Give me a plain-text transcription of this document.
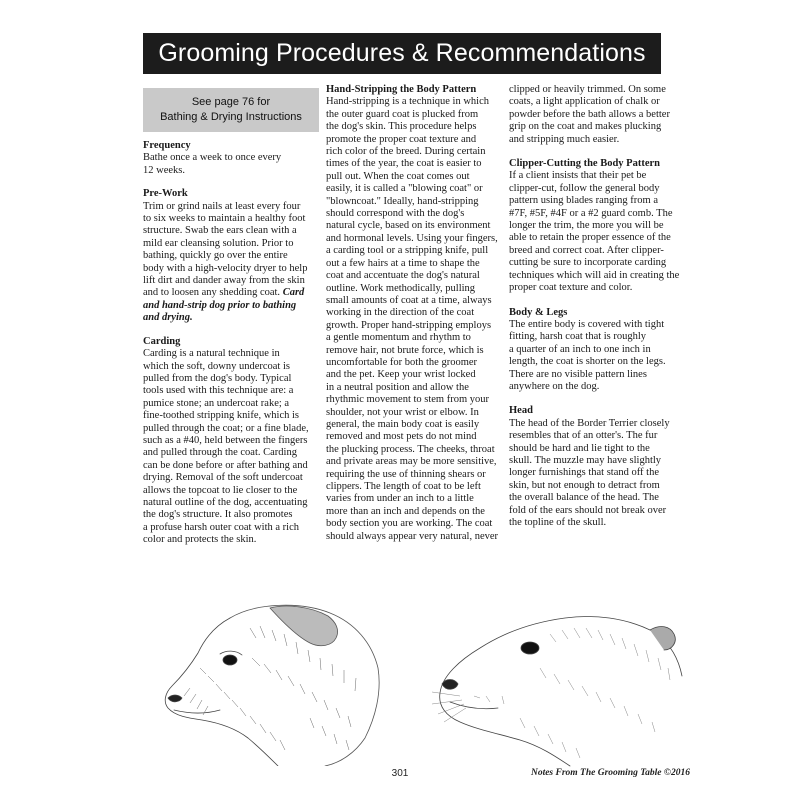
Grooming Procedures & Recommendations
See page 76 for
Bathing & Drying Instructions
Frequency

Bathe once a week to once every
12 weeks.

Pre-Work

Trim or grind nails at least every four
to six weeks to maintain a healthy foot
structure. Swab the ears clean with a
mild ear cleansing solution. Prior to
bathing, quickly go over the entire
body with a high-velocity dryer to help
lift dirt and dander away from the skin
and to loosen any shedding coat. Card
and hand-strip dog prior to bathing
and drying.

Carding

Carding is a natural technique in
which the soft, downy undercoat is
pulled from the dog's body. Typical
tools used with this technique are: a
pumice stone; an undercoat rake; a
fine-toothed stripping knife, which is
pulled through the coat; or a fine blade,
such as a #40, held between the fingers
and pulled through the coat. Carding
can be done before or after bathing and
drying. Removal of the soft undercoat
allows the topcoat to lie closer to the
natural outline of the dog, accentuating
the dog's structure. It also promotes
a profuse harsh outer coat with a rich
color and protects the skin.

Hand-Stripping the Body Pattern

Hand-stripping is a technique in which
the outer guard coat is plucked from
the dog's skin. This procedure helps
promote the proper coat texture and
rich color of the breed. During certain
times of the year, the coat is easier to
pull out. When the coat comes out
easily, it is called a "blowing coat" or
"blowncoat." Ideally, hand-stripping
should correspond with the dog's
natural cycle, based on its environment
and hormonal levels. Using your fingers,
a carding tool or a stripping knife, pull
out a few hairs at a time to shape the
coat and accentuate the dog's natural
outline. Work methodically, pulling
small amounts of coat at a time, always
working in the direction of the coat
growth. Proper hand-stripping employs
a gentle momentum and rhythm to
remove hair, not brute force, which is
uncomfortable for both the groomer
and the pet. Keep your wrist locked
in a neutral position and allow the
rhythmic movement to stem from your
shoulder, not your wrist or elbow. In
general, the main body coat is easily
removed and most pets do not mind
the plucking process. The cheeks, throat
and private areas may be more sensitive,
requiring the use of thinning shears or
clippers. The length of coat to be left
varies from under an inch to a little
more than an inch and depends on the
body section you are working. The coat
should always appear very natural, never

clipped or heavily trimmed. On some
coats, a light application of chalk or
powder before the bath allows a better
grip on the coat and makes plucking
and stripping much easier.

Clipper-Cutting the Body Pattern

If a client insists that their pet be
clipper-cut, follow the general body
pattern using blades ranging from a
#7F, #5F, #4F or a #2 guard comb. The
longer the trim, the more you will be
able to retain the proper essence of the
breed and correct coat. After clipper-
cutting be sure to incorporate carding
techniques which will aid in creating the
proper coat texture and color.

Body & Legs

The entire body is covered with tight
fitting, harsh coat that is roughly
a quarter of an inch to one inch in
length, the coat is shorter on the legs.
There are no visible pattern lines
anywhere on the dog.

Head

The head of the Border Terrier closely
resembles that of an otter's. The fur
should be hard and lie tight to the
skull. The muzzle may have slightly
longer furnishings that stand off the
skin, but not enough to detract from
the overall balance of the head. The
fold of the ears should not break over
the topline of the skull.

301	Notes From The Grooming Table ©2016
